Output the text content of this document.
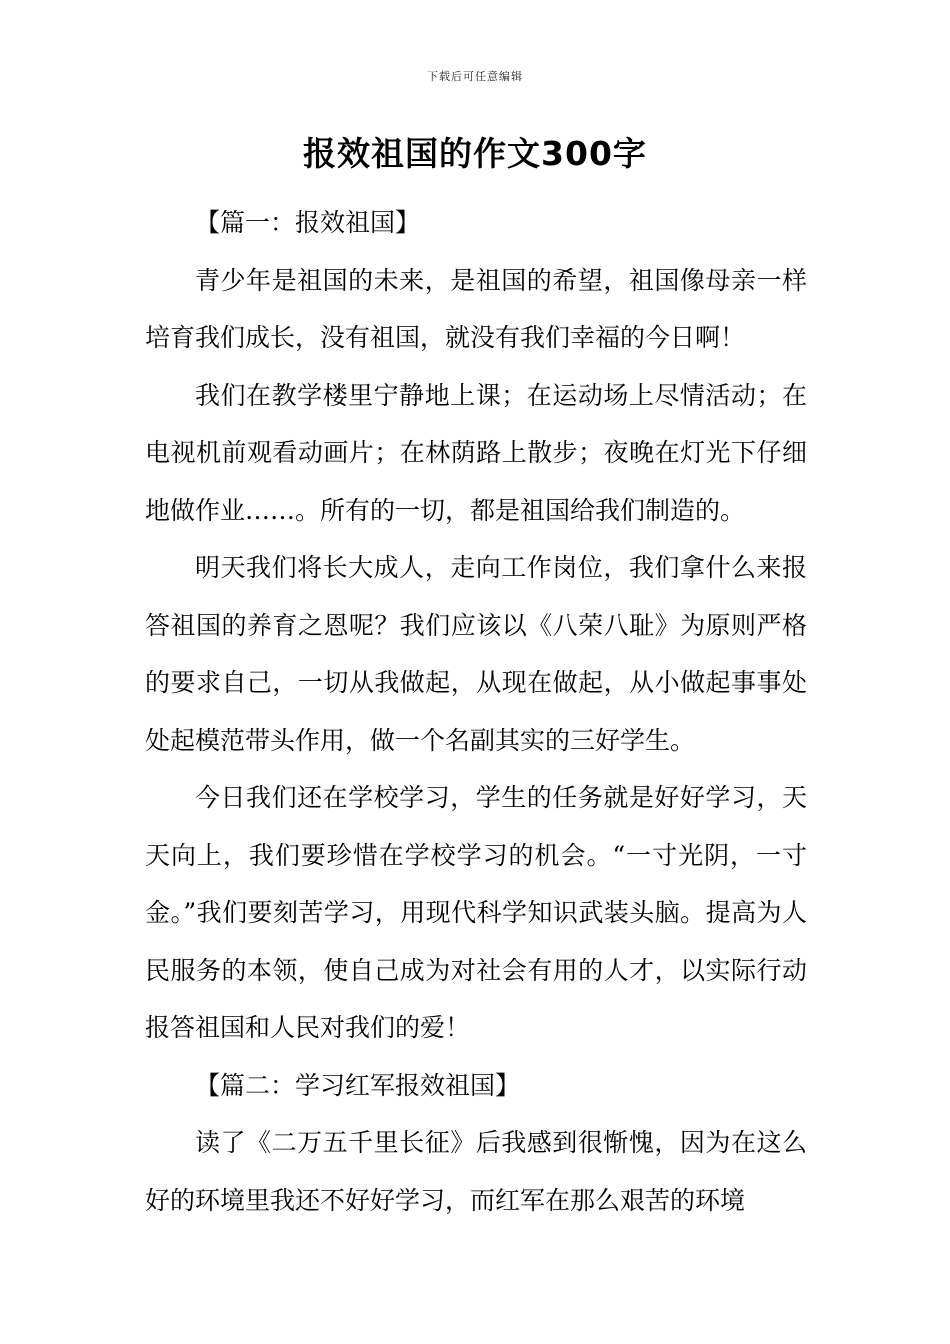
下载后可任意编辑
报效祖国的作文300字

【篇一：报效祖国】

青少年是祖国的未来，是祖国的希望，祖国像母亲一样培育我们成长，没有祖国，就没有我们幸福的今日啊！

我们在教学楼里宁静地上课；在运动场上尽情活动；在电视机前观看动画片；在林荫路上散步；夜晚在灯光下仔细地做作业……。所有的一切，都是祖国给我们制造的。

明天我们将长大成人，走向工作岗位，我们拿什么来报答祖国的养育之恩呢？我们应该以《八荣八耻》为原则严格的要求自己，一切从我做起，从现在做起，从小做起事事处处起模范带头作用，做一个名副其实的三好学生。

今日我们还在学校学习，学生的任务就是好好学习，天天向上，我们要珍惜在学校学习的机会。“一寸光阴，一寸金。”我们要刻苦学习，用现代科学知识武装头脑。提高为人民服务的本领，使自己成为对社会有用的人才，以实际行动报答祖国和人民对我们的爱！

【篇二：学习红军报效祖国】

读了《二万五千里长征》后我感到很惭愧，因为在这么好的环境里我还不好好学习，而红军在那么艰苦的环境
